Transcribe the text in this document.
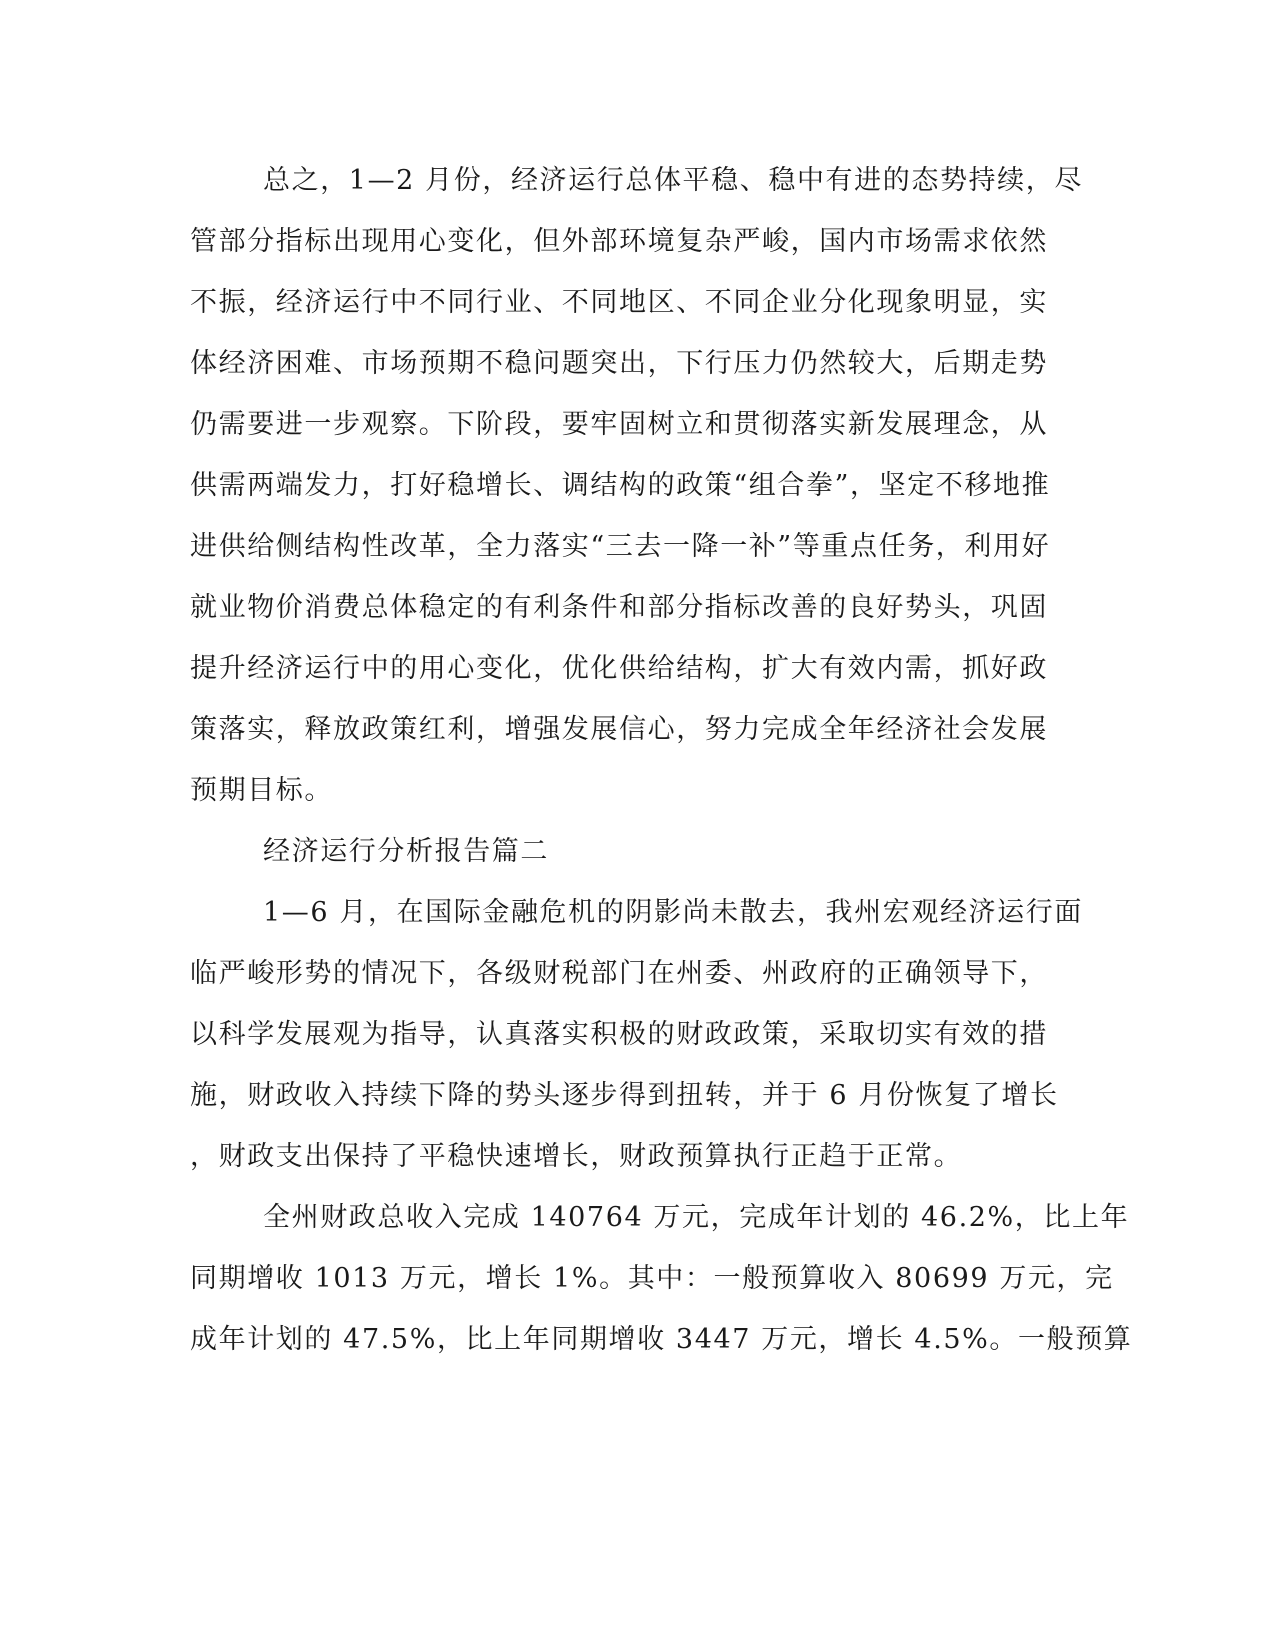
总之，1—2 月份，经济运行总体平稳、稳中有进的态势持续，尽
管部分指标出现用心变化，但外部环境复杂严峻，国内市场需求依然
不振，经济运行中不同行业、不同地区、不同企业分化现象明显，实
体经济困难、市场预期不稳问题突出，下行压力仍然较大，后期走势
仍需要进一步观察。下阶段，要牢固树立和贯彻落实新发展理念，从
供需两端发力，打好稳增长、调结构的政策“组合拳”，坚定不移地推
进供给侧结构性改革，全力落实“三去一降一补”等重点任务，利用好
就业物价消费总体稳定的有利条件和部分指标改善的良好势头，巩固
提升经济运行中的用心变化，优化供给结构，扩大有效内需，抓好政
策落实，释放政策红利，增强发展信心，努力完成全年经济社会发展
预期目标。
经济运行分析报告篇二
1—6 月，在国际金融危机的阴影尚未散去，我州宏观经济运行面
临严峻形势的情况下，各级财税部门在州委、州政府的正确领导下，
以科学发展观为指导，认真落实积极的财政政策，采取切实有效的措
施，财政收入持续下降的势头逐步得到扭转，并于 6 月份恢复了增长
，财政支出保持了平稳快速增长，财政预算执行正趋于正常。
全州财政总收入完成 140764 万元，完成年计划的 46.2%，比上年
同期增收 1013 万元，增长 1%。其中：一般预算收入 80699 万元，完
成年计划的 47.5%，比上年同期增收 3447 万元，增长 4.5%。一般预算
